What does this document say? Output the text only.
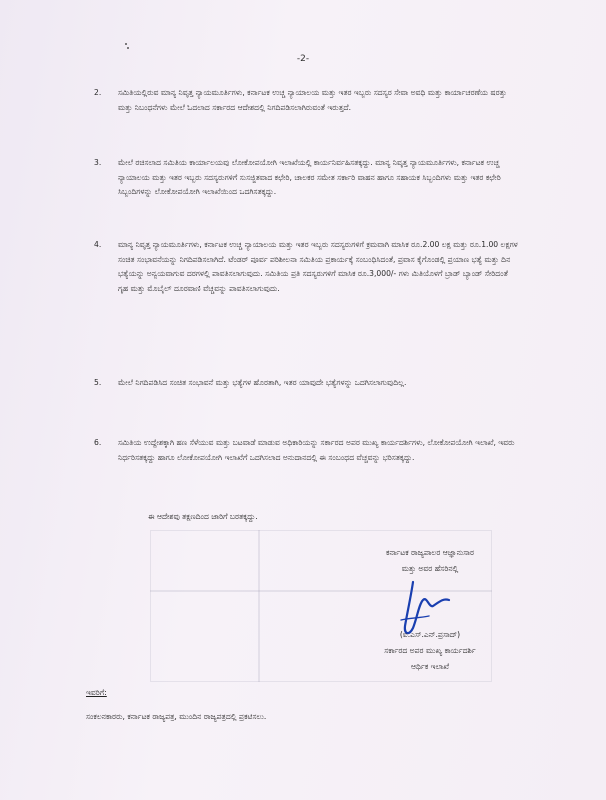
-2-
2. ಸಮಿತಿಯಲ್ಲಿರುವ ಮಾನ್ಯ ನಿವೃತ್ತ ನ್ಯಾಯಮೂರ್ತಿಗಳು, ಕರ್ನಾಟಕ ಉಚ್ಚ ನ್ಯಾಯಾಲಯ ಮತ್ತು ಇತರ ಇಬ್ಬರು ಸದಸ್ಯರ ಸೇವಾ ಅವಧಿ ಮತ್ತು ಕಾರ್ಯಾಚರಣೆಯ ಷರತ್ತು ಮತ್ತು ನಿಬಂಧನೆಗಳು ಮೇಲೆ ಓದಲಾದ ಸರ್ಕಾರದ ಆದೇಶದಲ್ಲಿ ನಿಗದಿಪಡಿಸಲಾಗಿರುವಂತೆ ಇರುತ್ತದೆ.
3. ಮೇಲೆ ರಚಿಸಲಾದ ಸಮಿತಿಯ ಕಾರ್ಯಾಲಯವು ಲೋಕೋಪಯೋಗಿ ಇಲಾಖೆಯಲ್ಲಿ ಕಾರ್ಯನಿರ್ವಹಿಸತಕ್ಕದ್ದು. ಮಾನ್ಯ ನಿವೃತ್ತ ನ್ಯಾಯಮೂರ್ತಿಗಳು, ಕರ್ನಾಟಕ ಉಚ್ಚ ನ್ಯಾಯಾಲಯ ಮತ್ತು ಇತರ ಇಬ್ಬರು ಸದಸ್ಯರುಗಳಿಗೆ ಸುಸಜ್ಜಿತವಾದ ಕಛೇರಿ, ಚಾಲಕರ ಸಮೇತ ಸರ್ಕಾರಿ ವಾಹನ ಹಾಗೂ ಸಹಾಯಕ ಸಿಬ್ಬಂದಿಗಳು ಮತ್ತು ಇತರ ಕಛೇರಿ ಸಿಬ್ಬಂದಿಗಳನ್ನು ಲೋಕೋಪಯೋಗಿ ಇಲಾಖೆಯಿಂದ ಒದಗಿಸತಕ್ಕದ್ದು.
4. ಮಾನ್ಯ ನಿವೃತ್ತ ನ್ಯಾಯಮೂರ್ತಿಗಳು, ಕರ್ನಾಟಕ ಉಚ್ಚ ನ್ಯಾಯಾಲಯ ಮತ್ತು ಇತರ ಇಬ್ಬರು ಸದಸ್ಯರುಗಳಿಗೆ ಕ್ರಮವಾಗಿ ಮಾಸಿಕ ರೂ.2.00 ಲಕ್ಷ ಮತ್ತು ರೂ.1.00 ಲಕ್ಷಗಳ ಸಂಚಿತ ಸಂಭಾವನೆಯನ್ನು ನಿಗದಿಪಡಿಸಲಾಗಿದೆ. ಟೆಂಡರ್ ಪೂರ್ವ ಪರಿಶೀಲನಾ ಸಮಿತಿಯ ಪ್ರಕಾರ್ಯಕ್ಕೆ ಸಂಬಂಧಿಸಿದಂತೆ, ಪ್ರವಾಸ ಕೈಗೊಂಡಲ್ಲಿ ಪ್ರಯಾಣ ಭತ್ಯೆ ಮತ್ತು ದಿನ ಭತ್ಯೆಯನ್ನು ಅನ್ವಯವಾಗುವ ದರಗಳಲ್ಲಿ ಪಾವತಿಸಲಾಗುವುದು. ಸಮಿತಿಯ ಪ್ರತಿ ಸದಸ್ಯರುಗಳಿಗೆ ಮಾಸಿಕ ರೂ.3,000/- ಗಳು ಮಿತಿಯೊಳಗೆ ಬ್ರಾಡ್ ಬ್ಯಾಂಡ್ ಸೇರಿದಂತೆ ಗೃಹ ಮತ್ತು ಮೊಬೈಲ್ ದೂರವಾಣಿ ವೆಚ್ಚವನ್ನು ಪಾವತಿಸಲಾಗುವುದು.
5. ಮೇಲೆ ನಿಗದಿಪಡಿಸಿದ ಸಂಚಿತ ಸಂಭಾವನೆ ಮತ್ತು ಭತ್ಯೆಗಳ ಹೊರತಾಗಿ, ಇತರ ಯಾವುದೇ ಭತ್ಯೆಗಳನ್ನು ಒದಗಿಸಲಾಗುವುದಿಲ್ಲ.
6. ಸಮಿತಿಯ ಉದ್ದೇಶಕ್ಕಾಗಿ ಹಣ ಸೆಳೆಯುವ ಮತ್ತು ಬಟವಾಡೆ ಮಾಡುವ ಅಧಿಕಾರಿಯನ್ನು ಸರ್ಕಾರದ ಅಪರ ಮುಖ್ಯ ಕಾರ್ಯದರ್ಶಿಗಳು, ಲೋಕೋಪಯೋಗಿ ಇಲಾಖೆ, ಇವರು ನಿರ್ಧರಿಸತಕ್ಕದ್ದು ಹಾಗೂ ಲೋಕೋಪಯೋಗಿ ಇಲಾಖೆಗೆ ಒದಗಿಸಲಾದ ಅನುದಾನದಲ್ಲಿ ಈ ಸಂಬಂಧದ ವೆಚ್ಚವನ್ನು ಭರಿಸತಕ್ಕದ್ದು.
ಈ ಆದೇಶವು ತಕ್ಷಣದಿಂದ ಜಾರಿಗೆ ಬರತಕ್ಕದ್ದು.
ಕರ್ನಾಟಕ ರಾಜ್ಯಪಾಲರ ಆಜ್ಞಾನುಸಾರ
ಮತ್ತು ಅವರ ಹೆಸರಿನಲ್ಲಿ
(ಐ.ಎಸ್.ಎನ್.ಪ್ರಸಾದ್)
ಸರ್ಕಾರದ ಅಪರ ಮುಖ್ಯ ಕಾರ್ಯದರ್ಶಿ
ಆರ್ಥಿಕ ಇಲಾಖೆ
ಇವರಿಗೆ:
ಸಂಕಲನಕಾರರು, ಕರ್ನಾಟಕ ರಾಜ್ಯಪತ್ರ, ಮುಂದಿನ ರಾಜ್ಯಪತ್ರದಲ್ಲಿ ಪ್ರಕಟಿಸಲು.
